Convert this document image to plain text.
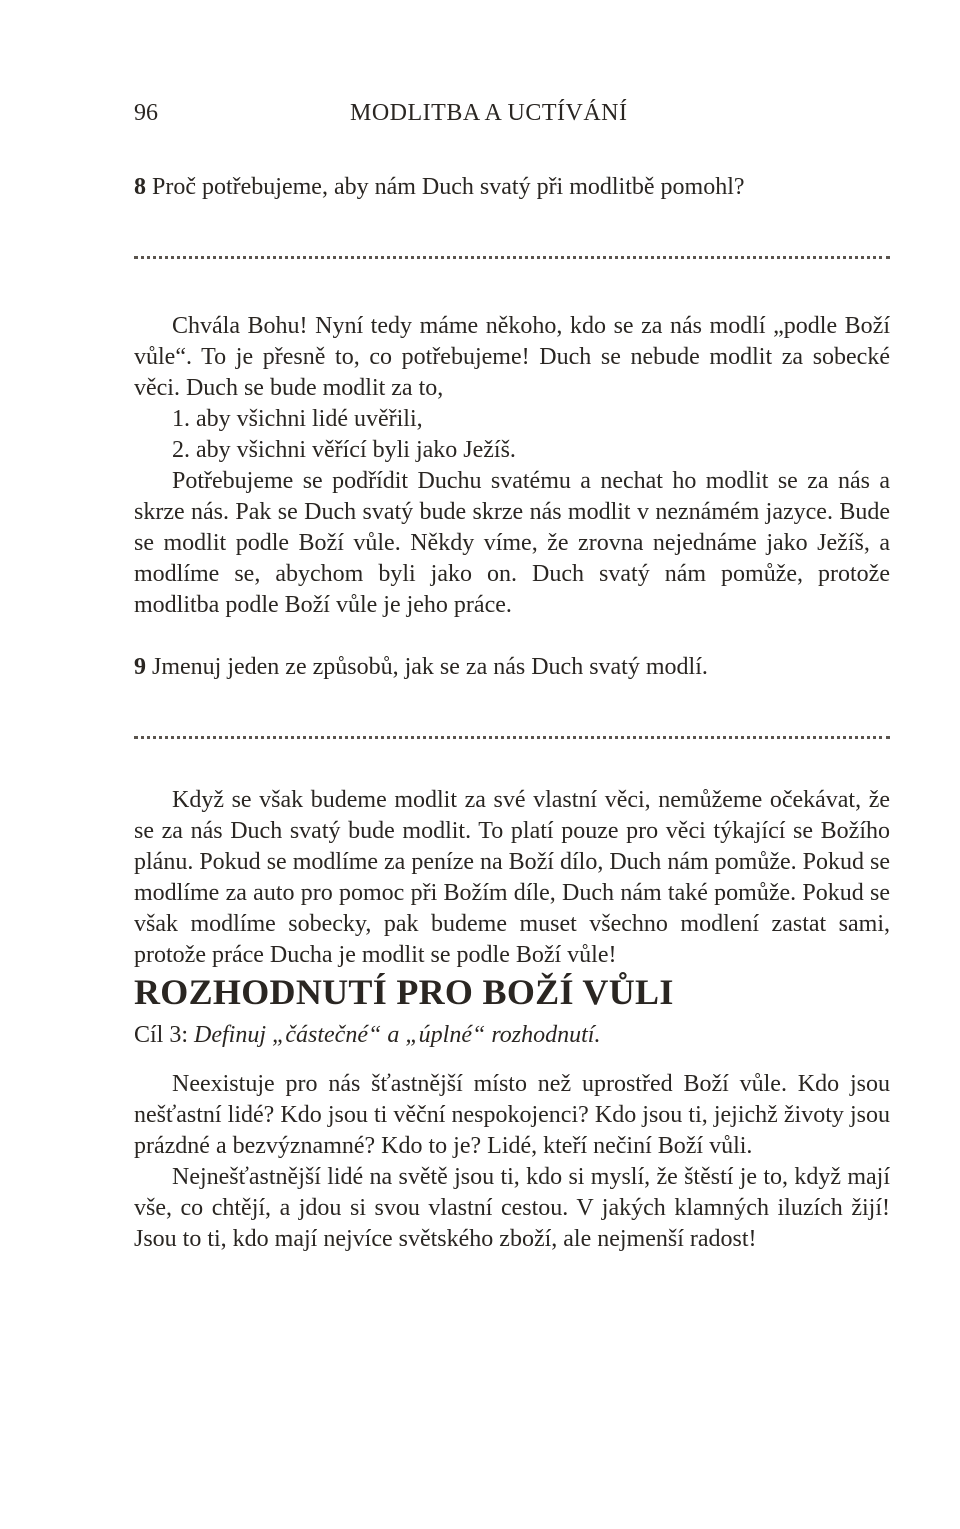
96	MODLITBA A UCTÍVÁNÍ

8 Proč potřebujeme, aby nám Duch svatý při modlitbě pomohl?

Chvála Bohu! Nyní tedy máme někoho, kdo se za nás modlí „podle Boží vůle“. To je přesně to, co potřebujeme! Duch se nebude modlit za sobecké věci. Duch se bude modlit za to,

1. aby všichni lidé uvěřili,
2. aby všichni věřící byli jako Ježíš.

Potřebujeme se podřídit Duchu svatému a nechat ho modlit se za nás a skrze nás. Pak se Duch svatý bude skrze nás modlit v neznámém jazyce. Bude se modlit podle Boží vůle. Někdy víme, že zrovna nejednáme jako Ježíš, a modlíme se, abychom byli jako on. Duch svatý nám pomůže, protože modlitba podle Boží vůle je jeho práce.

9 Jmenuj jeden ze způsobů, jak se za nás Duch svatý modlí.

Když se však budeme modlit za své vlastní věci, nemůžeme očekávat, že se za nás Duch svatý bude modlit. To platí pouze pro věci týkající se Božího plánu. Pokud se modlíme za peníze na Boží dílo, Duch nám pomůže. Pokud se modlíme za auto pro pomoc při Božím díle, Duch nám také pomůže. Pokud se však modlíme sobecky, pak budeme muset všechno modlení zastat sami, protože práce Ducha je modlit se podle Boží vůle!

ROZHODNUTÍ PRO BOŽÍ VŮLI

Cíl 3: Definuj „částečné“ a „úplné“ rozhodnutí.

Neexistuje pro nás šťastnější místo než uprostřed Boží vůle. Kdo jsou nešťastní lidé? Kdo jsou ti věční nespokojenci? Kdo jsou ti, jejichž životy jsou prázdné a bezvýznamné? Kdo to je? Lidé, kteří nečiní Boží vůli.

Nejnešťastnější lidé na světě jsou ti, kdo si myslí, že štěstí je to, když mají vše, co chtějí, a jdou si svou vlastní cestou. V jakých klamných iluzích žijí! Jsou to ti, kdo mají nejvíce světského zboží, ale nejmenší radost!
